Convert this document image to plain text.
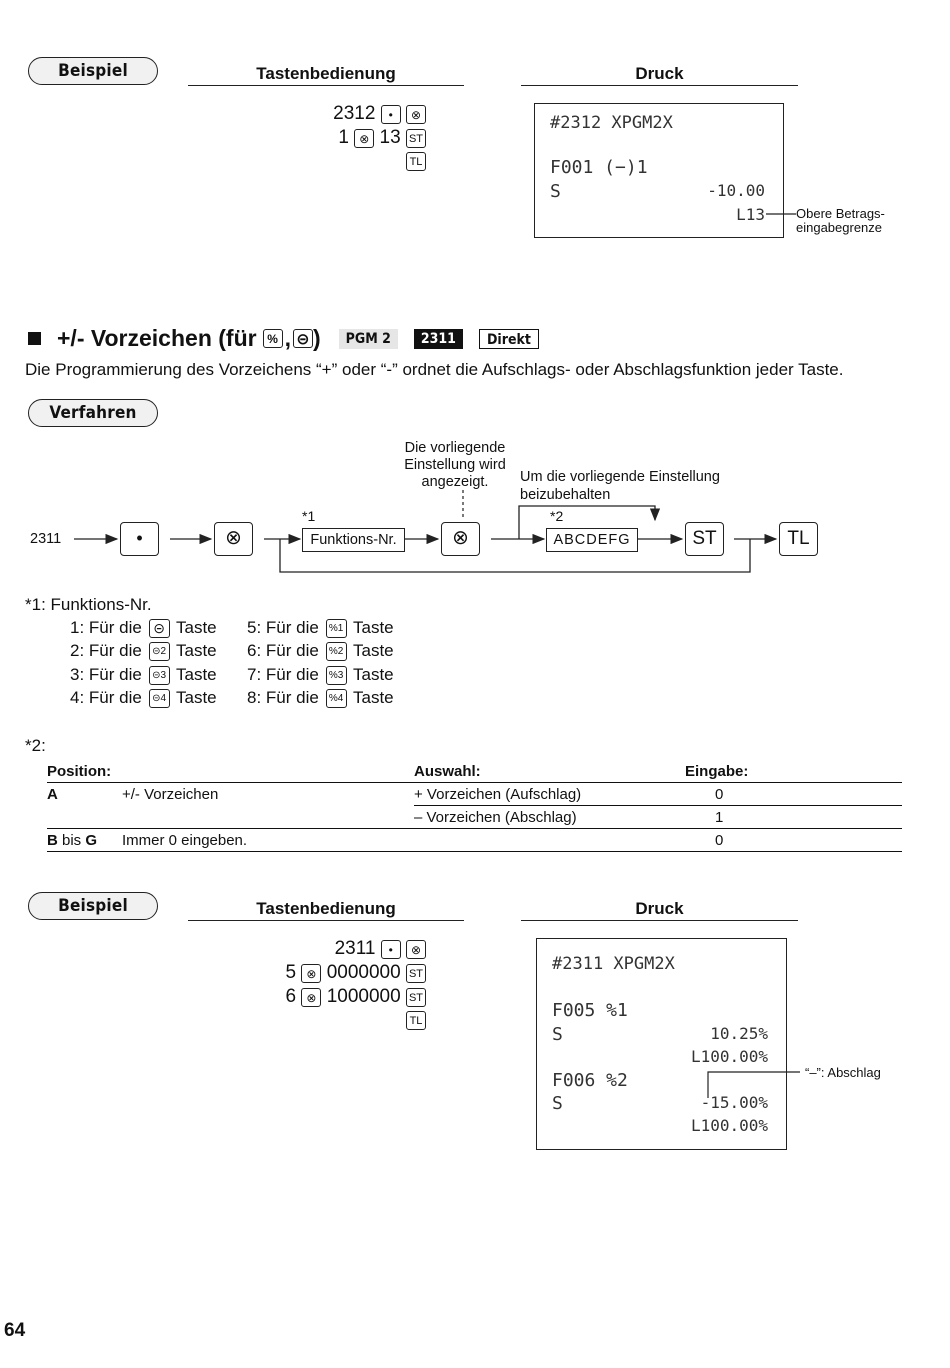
Beispiel	Tastenbedienung	Druck
2312 • ⊗
1 ⊗ 13 ST
TL
#2312 XPGM2X
F001 (−)1
S	-10.00
L13 Obere Betrags- eingabegrenze
+/- Vorzeichen (für % , ⊝ )	PGM 2	2311	Direkt
Die Programmierung des Vorzeichens “+” oder “-” ordnet die Aufschlags- oder Abschlagsfunktion jeder Taste.
Verfahren
Die vorliegende Einstellung wird angezeigt.	Um die vorliegende Einstellung beizubehalten
2311	•	⊗
*1
Funktions-Nr.	⊗
*2
ABCDEFG	ST	TL
*1: Funktions-Nr.
1: Für die ⊝ Taste
2: Für die ⊝2 Taste
3: Für die ⊝3 Taste
4: Für die ⊝4 Taste
5: Für die %1 Taste
6: Für die %2 Taste
7: Für die %3 Taste
8: Für die %4 Taste
*2:
Position:		Auswahl:	Eingabe:
A	+/- Vorzeichen	+ Vorzeichen (Aufschlag)	0
		– Vorzeichen (Abschlag)	1
B bis G	Immer 0 eingeben.		0
Beispiel	Tastenbedienung	Druck
2311 • ⊗
5 ⊗ 0000000 ST
6 ⊗ 1000000 ST
TL
#2311 XPGM2X
F005 %1
S	10.25%
L100.00%
F006 %2
S	-15.00%
L100.00%
“–”: Abschlag
64
